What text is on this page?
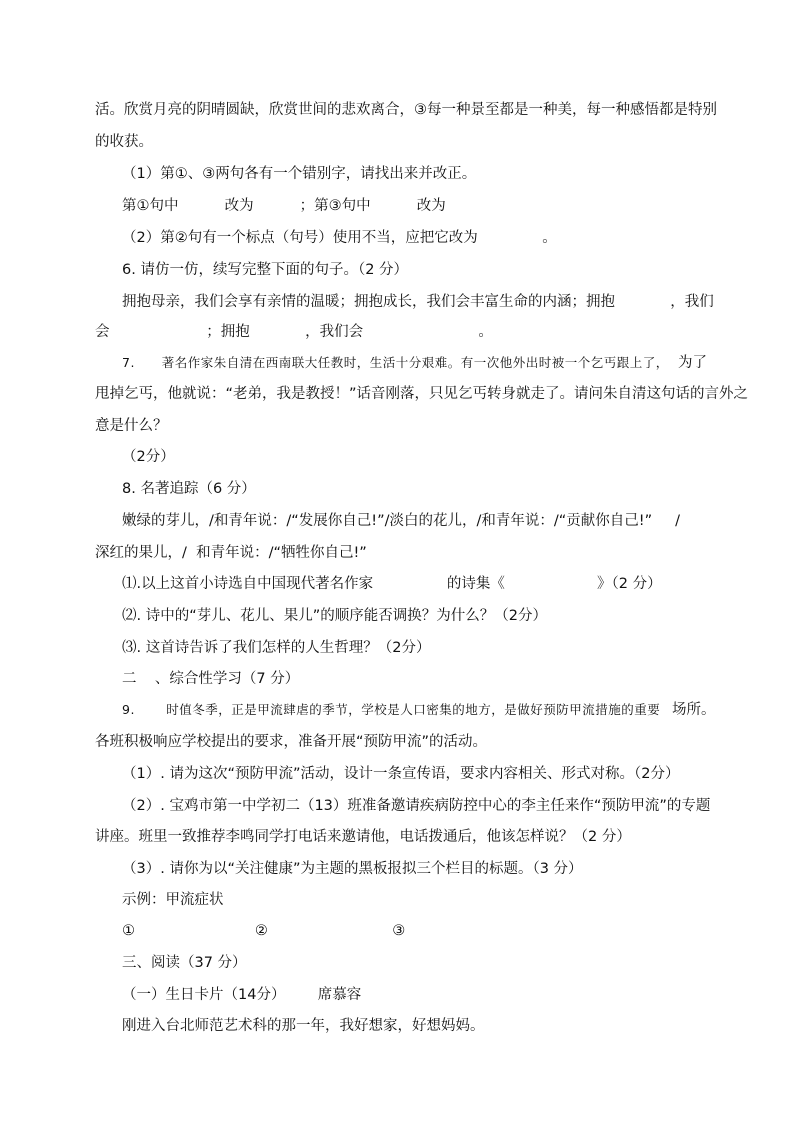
活。欣赏月亮的阴晴圆缺，欣赏世间的悲欢离合，③每一种景至都是一种美，每一种感悟都是特别
的收获。
（1）第①、③两句各有一个错别字，请找出来并改正。
第①句中          改为          ；第③句中          改为
（2）第②句有一个标点（句号）使用不当，应把它改为              。
6. 请仿一仿，续写完整下面的句子。（2 分）
拥抱母亲，我们会享有亲情的温暖；拥抱成长，我们会丰富生命的内涵；拥抱            ，我们
会                     ；拥抱            ，我们会                         。
7.      著名作家朱自清在西南联大任教时，生活十分艰难。有一次他外出时被一个乞丐跟上了， 为了
甩掉乞丐，他就说：“老弟，我是教授！”话音刚落，只见乞丐转身就走了。请问朱自清这句话的言外之
意是什么？
（2分）
8. 名著追踪（6 分）
嫩绿的芽儿，/和青年说：/“发展你自己!”/淡白的花儿，/和青年说：/“贡献你自己!”     /
深红的果儿，/  和青年说：/“牺牲你自己!”
⑴.以上这首小诗选自中国现代著名作家                的诗集《                    》（2 分）
⑵. 诗中的“芽儿、花儿、果儿”的顺序能否调换？为什么？（2分）
⑶. 这首诗告诉了我们怎样的人生哲理？（2分）
二    、综合性学习（7 分）
9.       时值冬季，正是甲流肆虐的季节，学校是人口密集的地方，是做好预防甲流措施的重要 场所。
各班积极响应学校提出的要求，准备开展“预防甲流”的活动。
（1）. 请为这次“预防甲流”活动，设计一条宣传语，要求内容相关、形式对称。（2分）
（2）. 宝鸡市第一中学初二（13）班准备邀请疾病防控中心的李主任来作“预防甲流”的专题
讲座。班里一致推荐李鸣同学打电话来邀请他，电话拨通后，他该怎样说？（2 分）
（3）. 请你为以“关注健康”为主题的黑板报拟三个栏目的标题。（3 分）
示例：甲流症状
①                          ②                           ③
三、阅读（37 分）
（一）生日卡片（14分）       席慕容
刚进入台北师范艺术科的那一年，我好想家，好想妈妈。
